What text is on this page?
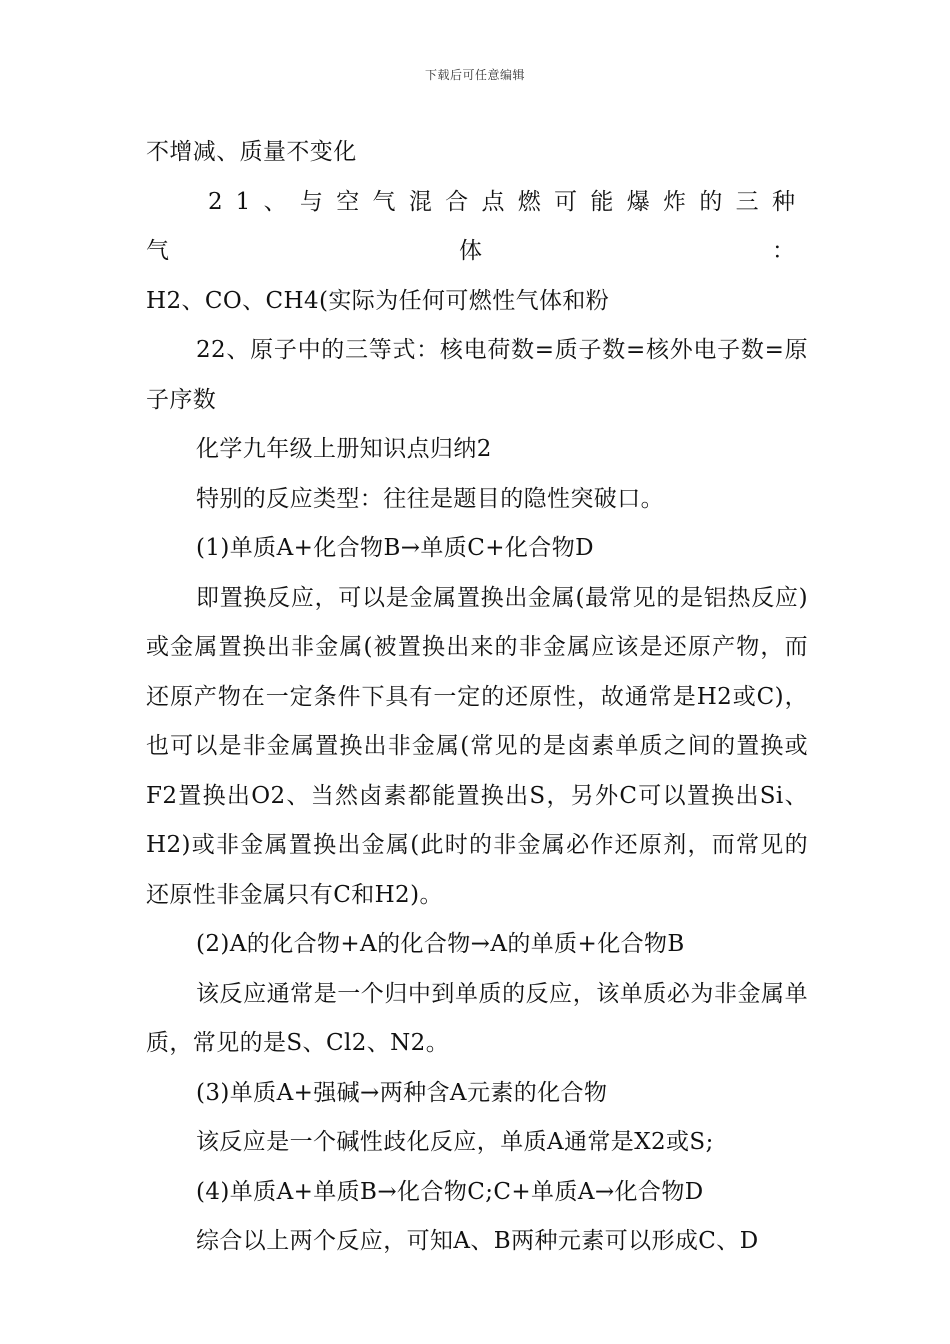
下载后可任意编辑

不增减、质量不变化

21、与空气混合点燃可能爆炸的三种气体：

H2、CO、CH4(实际为任何可燃性气体和粉

22、原子中的三等式：核电荷数=质子数=核外电子数=原子序数

化学九年级上册知识点归纳2

特别的反应类型：往往是题目的隐性突破口。

(1)单质A+化合物B→单质C+化合物D

即置换反应，可以是金属置换出金属(最常见的是铝热反应)或金属置换出非金属(被置换出来的非金属应该是还原产物，而还原产物在一定条件下具有一定的还原性，故通常是H2或C)，也可以是非金属置换出非金属(常见的是卤素单质之间的置换或F2置换出O2、当然卤素都能置换出S，另外C可以置换出Si、H2)或非金属置换出金属(此时的非金属必作还原剂，而常见的还原性非金属只有C和H2)。

(2)A的化合物+A的化合物→A的单质+化合物B

该反应通常是一个归中到单质的反应，该单质必为非金属单质，常见的是S、Cl2、N2。

(3)单质A+强碱→两种含A元素的化合物

该反应是一个碱性歧化反应，单质A通常是X2或S;

(4)单质A+单质B→化合物C;C+单质A→化合物D

综合以上两个反应，可知A、B两种元素可以形成C、D
